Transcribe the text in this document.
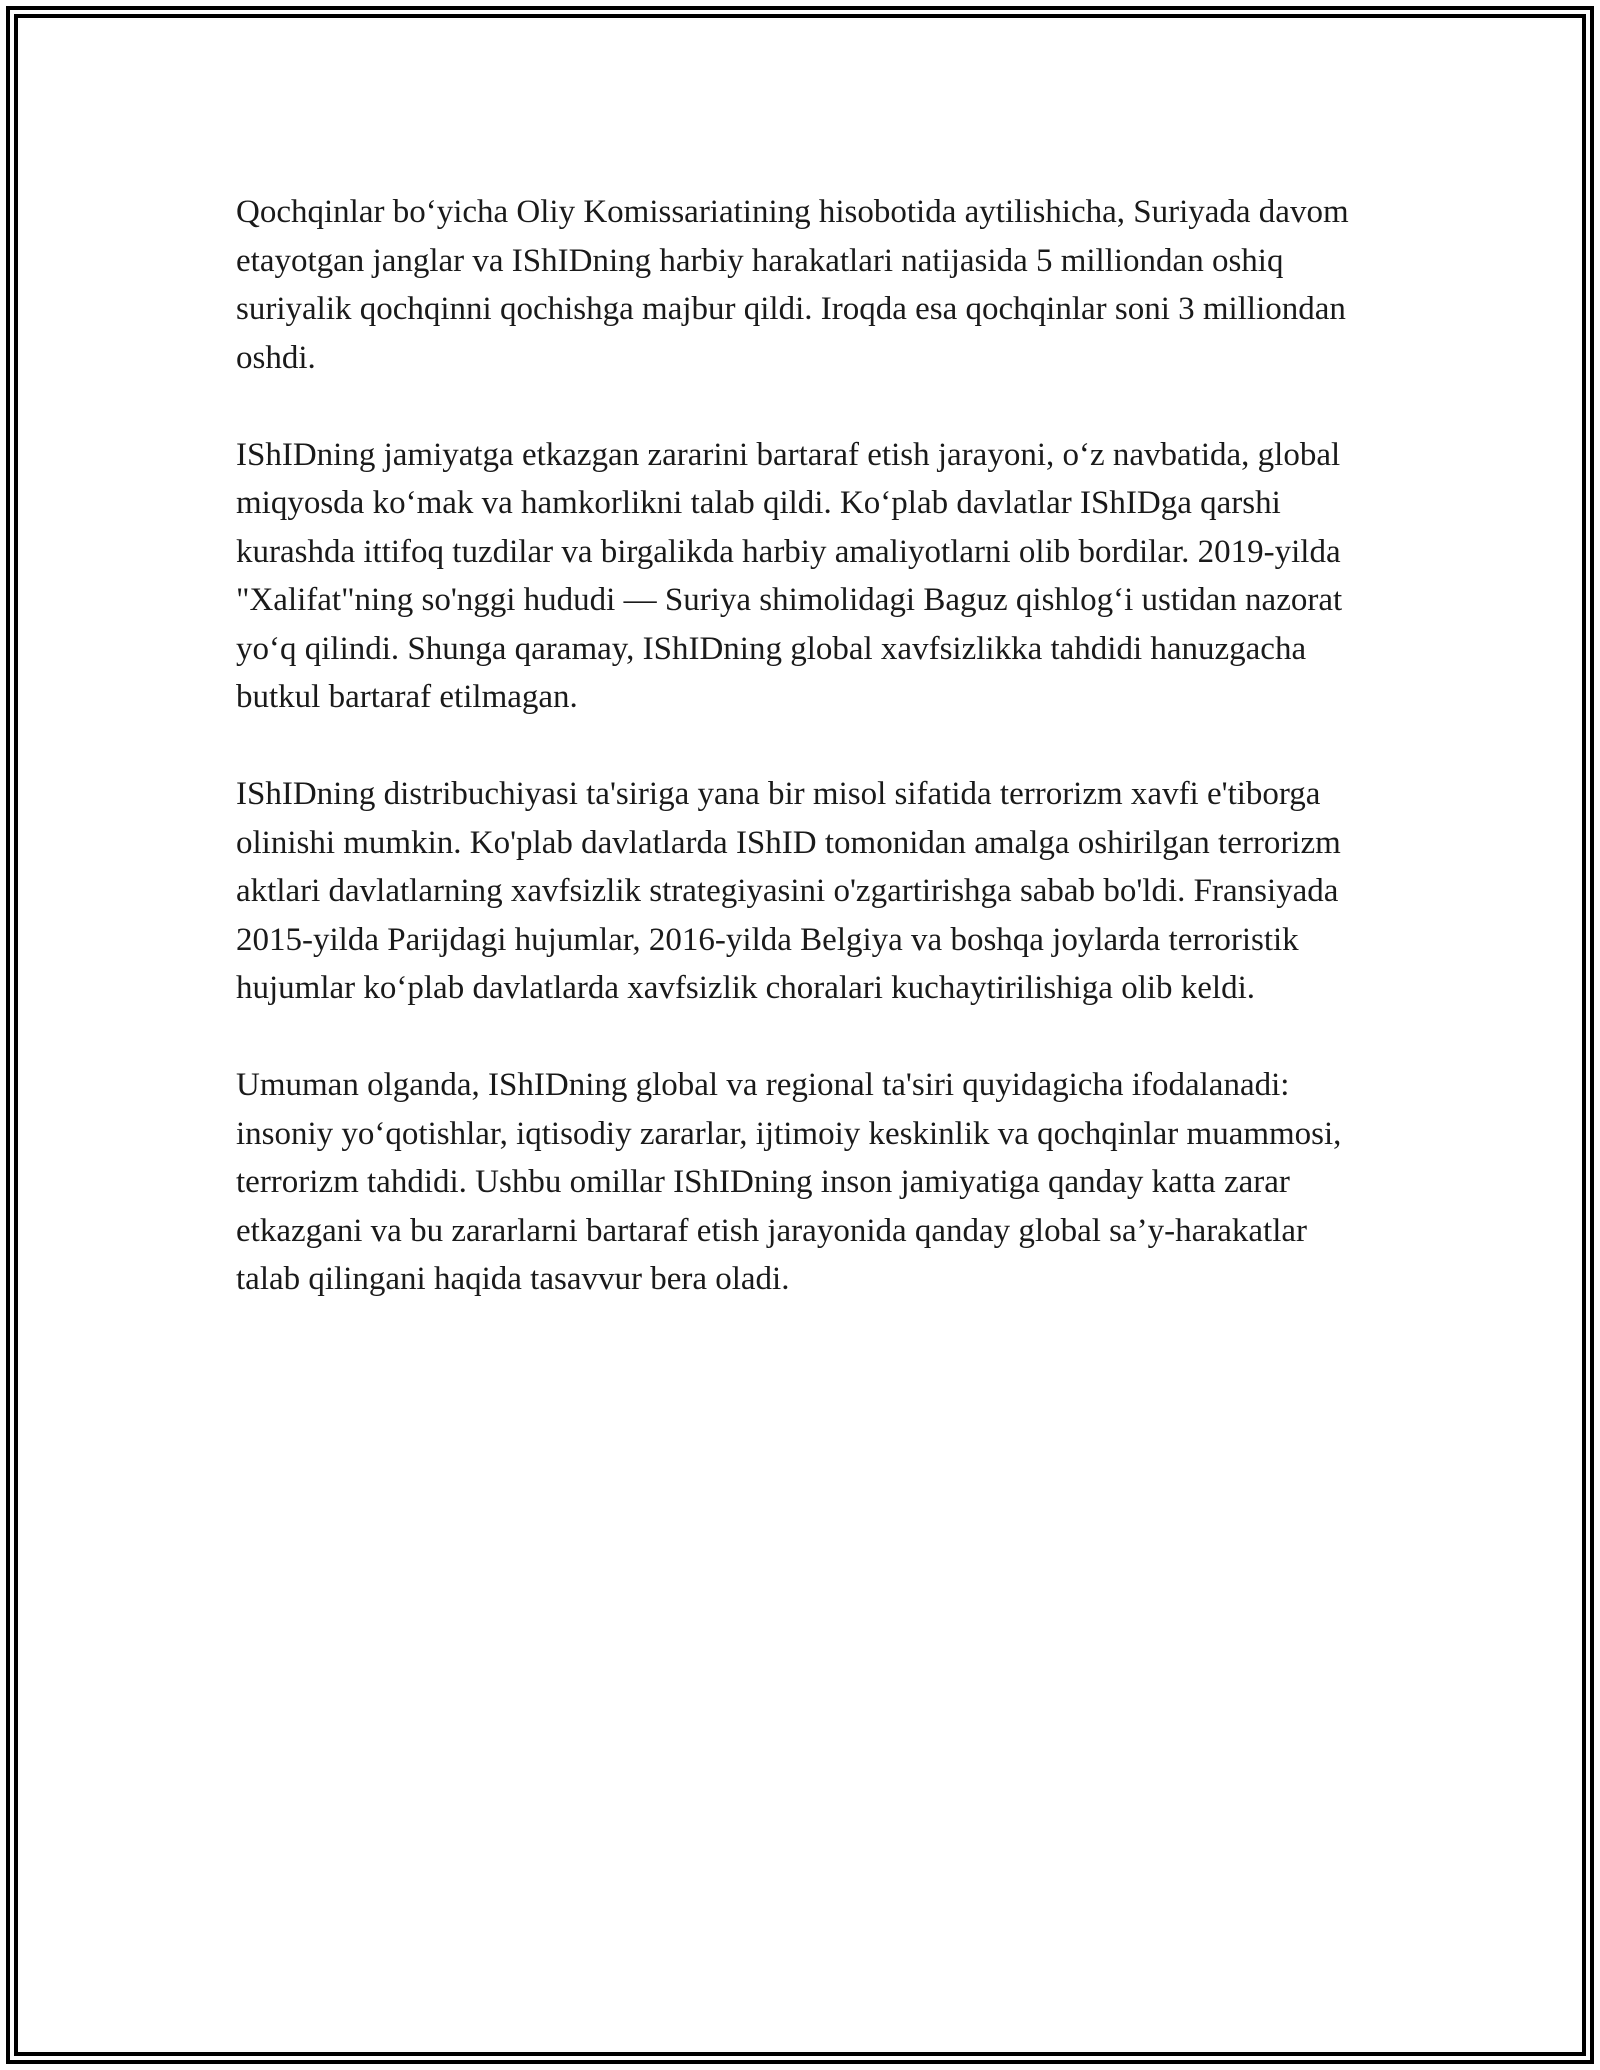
Qochqinlar bo‘yicha Oliy Komissariatining hisobotida aytilishicha, Suriyada davom etayotgan janglar va IShIDning harbiy harakatlari natijasida 5 milliondan oshiq suriyalik qochqinni qochishga majbur qildi. Iroqda esa qochqinlar soni 3 milliondan oshdi.

IShIDning jamiyatga etkazgan zararini bartaraf etish jarayoni, o‘z navbatida, global miqyosda ko‘mak va hamkorlikni talab qildi. Ko‘plab davlatlar IShIDga qarshi kurashda ittifoq tuzdilar va birgalikda harbiy amaliyotlarni olib bordilar. 2019-yilda "Xalifat"ning so'nggi hududi — Suriya shimolidagi Baguz qishlog‘i ustidan nazorat yo‘q qilindi. Shunga qaramay, IShIDning global xavfsizlikka tahdidi hanuzgacha butkul bartaraf etilmagan.

IShIDning distribuchiyasi ta'siriga yana bir misol sifatida terrorizm xavfi e'tiborga olinishi mumkin. Ko'plab davlatlarda IShID tomonidan amalga oshirilgan terrorizm aktlari davlatlarning xavfsizlik strategiyasini o'zgartirishga sabab bo'ldi. Fransiyada 2015-yilda Parijdagi hujumlar, 2016-yilda Belgiya va boshqa joylarda terroristik hujumlar ko‘plab davlatlarda xavfsizlik choralari kuchaytirilishiga olib keldi.

Umuman olganda, IShIDning global va regional ta'siri quyidagicha ifodalanadi: insoniy yo‘qotishlar, iqtisodiy zararlar, ijtimoiy keskinlik va qochqinlar muammosi, terrorizm tahdidi. Ushbu omillar IShIDning inson jamiyatiga qanday katta zarar etkazgani va bu zararlarni bartaraf etish jarayonida qanday global sa’y-harakatlar talab qilingani haqida tasavvur bera oladi.
